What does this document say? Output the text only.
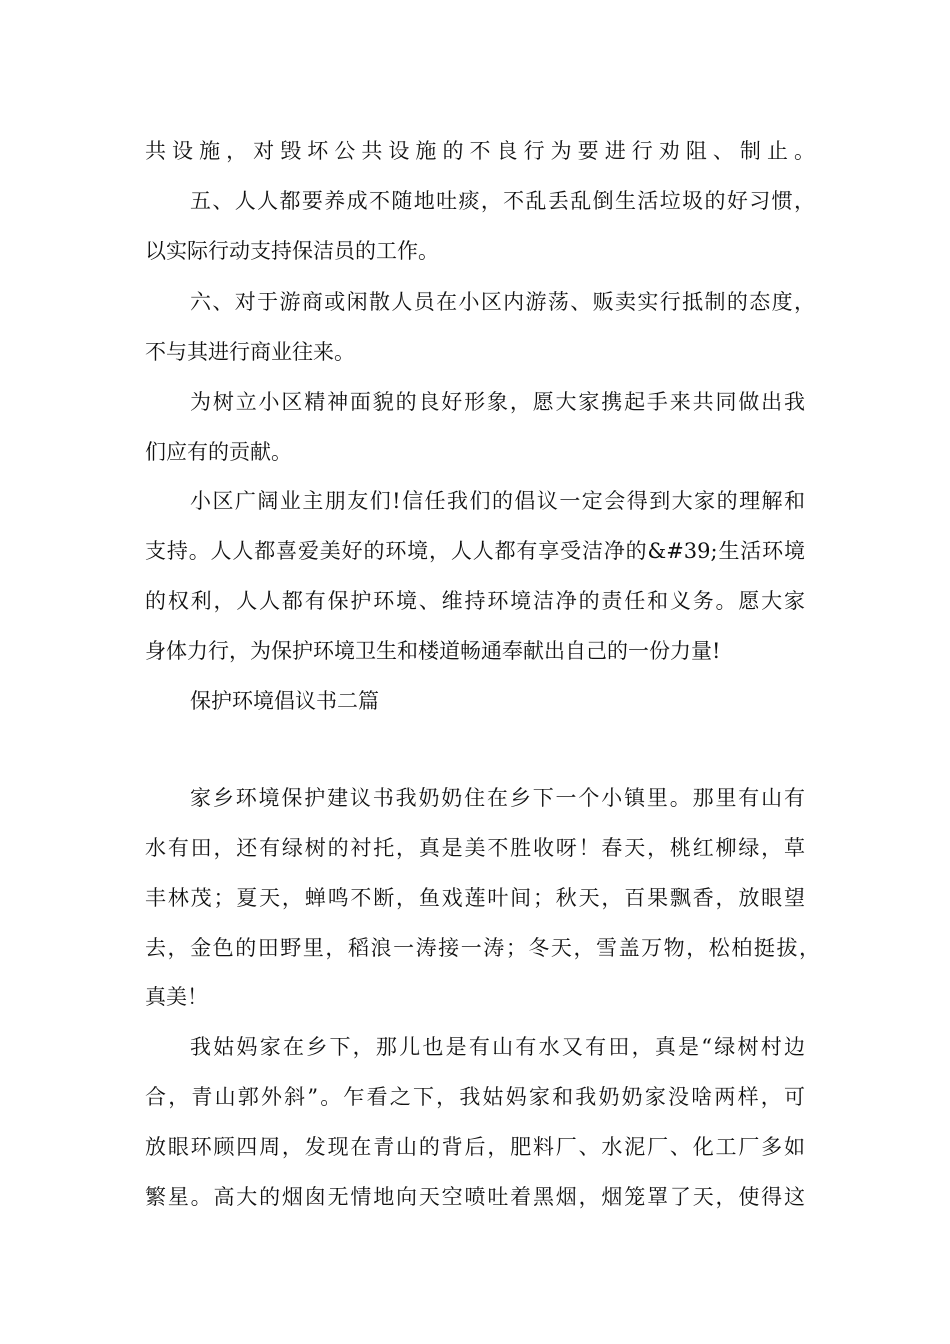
共设施，对毁坏公共设施的不良行为要进行劝阻、制止。

五、人人都要养成不随地吐痰，不乱丢乱倒生活垃圾的好习惯，

以实际行动支持保洁员的工作。

六、对于游商或闲散人员在小区内游荡、贩卖实行抵制的态度，

不与其进行商业往来。

为树立小区精神面貌的良好形象，愿大家携起手来共同做出我

们应有的贡献。

小区广阔业主朋友们!信任我们的倡议一定会得到大家的理解和

支持。人人都喜爱美好的环境，人人都有享受洁净的&#39;生活环境

的权利，人人都有保护环境、维持环境洁净的责任和义务。愿大家

身体力行，为保护环境卫生和楼道畅通奉献出自己的一份力量!

保护环境倡议书二篇

家乡环境保护建议书我奶奶住在乡下一个小镇里。那里有山有

水有田，还有绿树的衬托，真是美不胜收呀！春天，桃红柳绿，草

丰林茂；夏天，蝉鸣不断，鱼戏莲叶间；秋天，百果飘香，放眼望

去，金色的田野里，稻浪一涛接一涛；冬天，雪盖万物，松柏挺拔，

真美！

我姑妈家在乡下，那儿也是有山有水又有田，真是“绿树村边

合，青山郭外斜”。乍看之下，我姑妈家和我奶奶家没啥两样，可

放眼环顾四周，发现在青山的背后，肥料厂、水泥厂、化工厂多如

繁星。高大的烟囱无情地向天空喷吐着黑烟，烟笼罩了天，使得这
